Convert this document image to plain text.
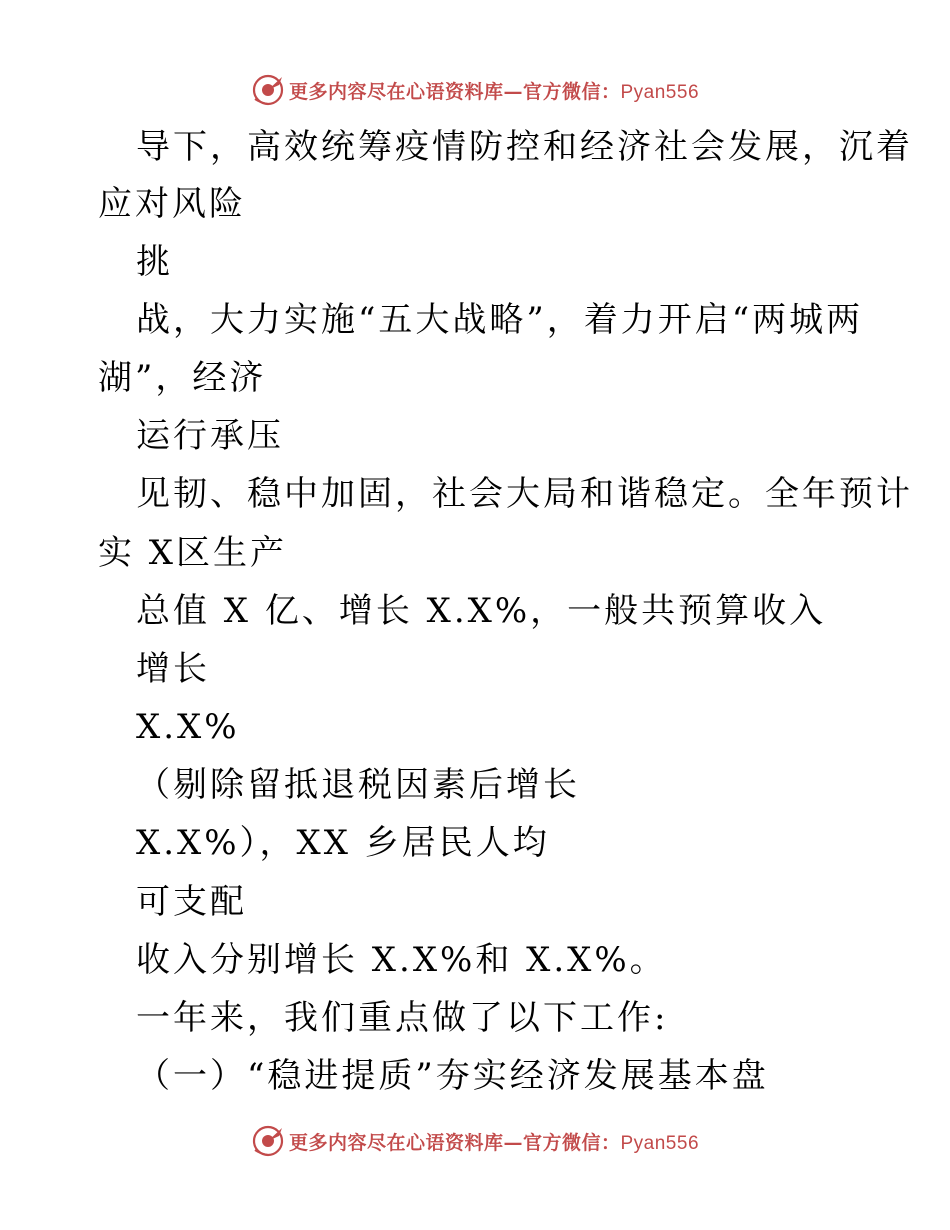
更多内容尽在心语资料库—官方微信：Pyan556
导下，高效统筹疫情防控和经济社会发展，沉着
应对风险
挑
战，大力实施“五大战略”，着力开启“两城两
湖”，经济
运行承压
见韧、稳中加固，社会大局和谐稳定。全年预计
实 X区生产
总值 X 亿、增长 X.X%，一般共预算收入
增长
X.X%
（剔除留抵退税因素后增长
X.X%），XX 乡居民人均
可支配
收入分别增长 X.X%和 X.X%。
一年来，我们重点做了以下工作:
（一）“稳进提质”夯实经济发展基本盘
更多内容尽在心语资料库—官方微信：Pyan556
